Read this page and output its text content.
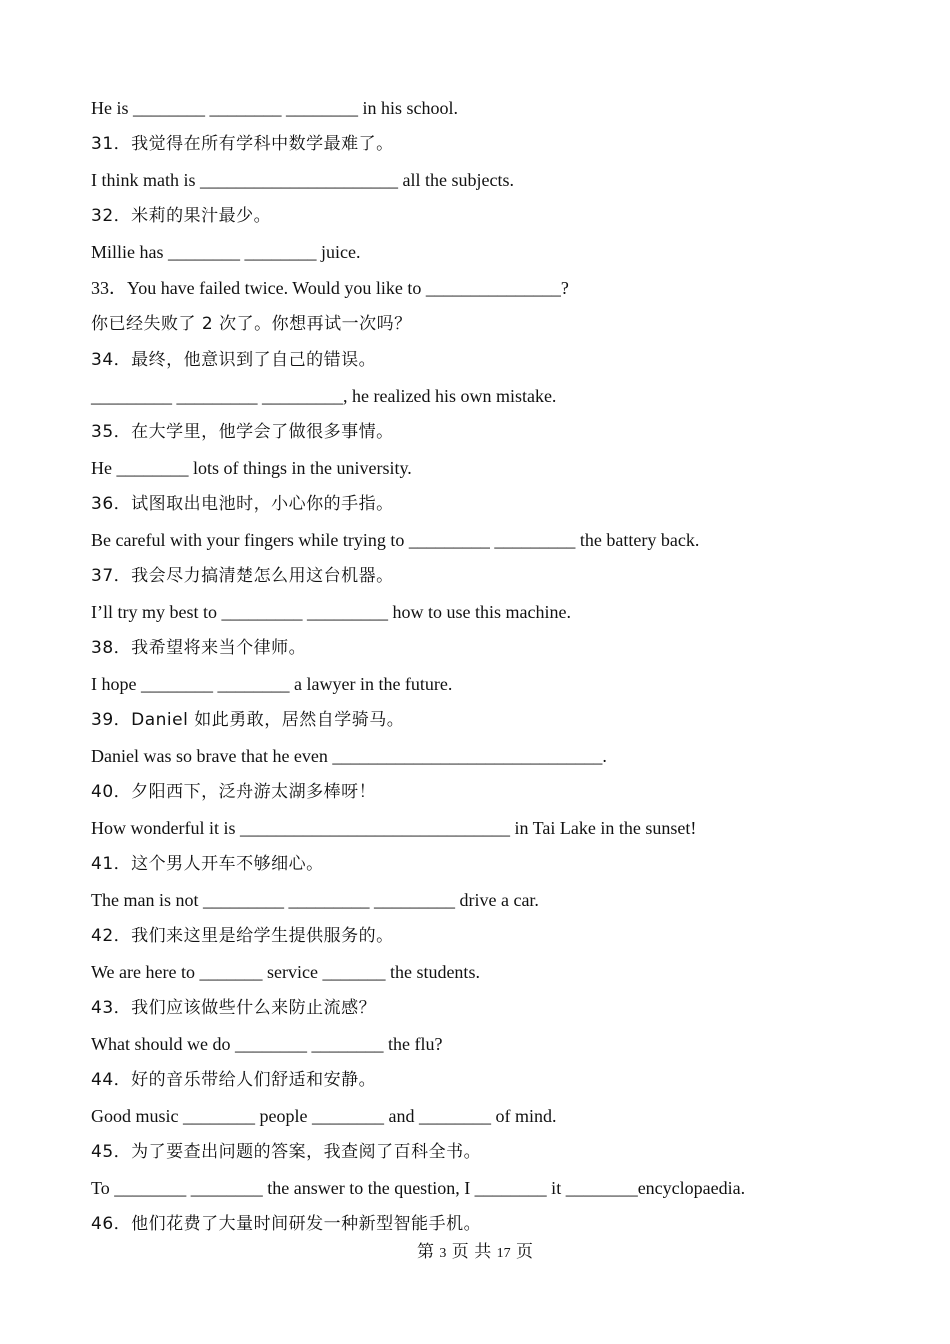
He is ________ ________ ________ in his school.
31．我觉得在所有学科中数学最难了。
I think math is ______________________ all the subjects.
32．米莉的果汁最少。
Millie has ________ ________ juice.
33．You have failed twice. Would you like to _______________?
你已经失败了 2 次了。你想再试一次吗？
34．最终，他意识到了自己的错误。
_________ _________ _________, he realized his own mistake.
35．在大学里，他学会了做很多事情。
He ________ lots of things in the university.
36．试图取出电池时，小心你的手指。
Be careful with your fingers while trying to _________ _________ the battery back.
37．我会尽力搞清楚怎么用这台机器。
I’ll try my best to _________ _________ how to use this machine.
38．我希望将来当个律师。
I hope ________ ________ a lawyer in the future.
39．Daniel 如此勇敢，居然自学骑马。
Daniel was so brave that he even ______________________________.
40．夕阳西下，泛舟游太湖多棒呀！
How wonderful it is ______________________________ in Tai Lake in the sunset!
41．这个男人开车不够细心。
The man is not _________ _________ _________ drive a car.
42．我们来这里是给学生提供服务的。
We are here to _______ service _______ the students.
43．我们应该做些什么来防止流感？
What should we do ________ ________ the flu?
44．好的音乐带给人们舒适和安静。
Good music ________ people ________ and ________ of mind.
45．为了要查出问题的答案，我查阅了百科全书。
To ________ ________ the answer to the question, I ________ it ________encyclopaedia.
46．他们花费了大量时间研发一种新型智能手机。
第 3 页 共 17 页
